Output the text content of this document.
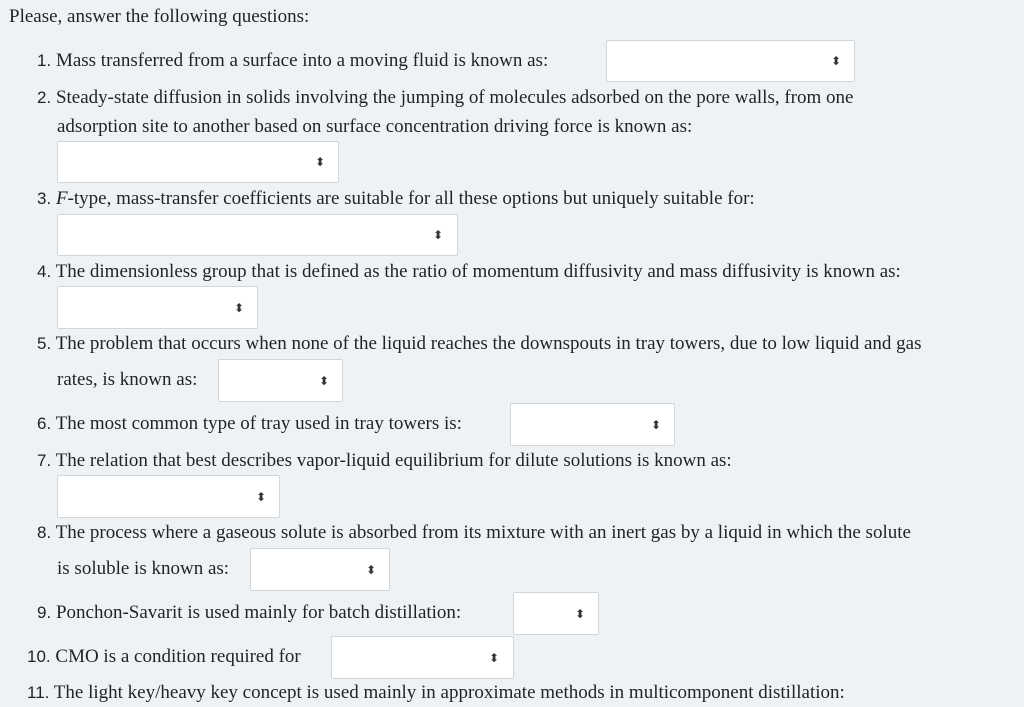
Please, answer the following questions:
1. Mass transferred from a surface into a moving fluid is known as:	⬍
2. Steady-state diffusion in solids involving the jumping of molecules adsorbed on the pore walls, from one
adsorption site to another based on surface concentration driving force is known as:
⬍
3. F-type, mass-transfer coefficients are suitable for all these options but uniquely suitable for:
⬍
4. The dimensionless group that is defined as the ratio of momentum diffusivity and mass diffusivity is known as:
⬍
5. The problem that occurs when none of the liquid reaches the downspouts in tray towers, due to low liquid and gas
rates, is known as:	⬍
6. The most common type of tray used in tray towers is:	⬍
7. The relation that best describes vapor-liquid equilibrium for dilute solutions is known as:
⬍
8. The process where a gaseous solute is absorbed from its mixture with an inert gas by a liquid in which the solute
is soluble is known as:	⬍
9. Ponchon-Savarit is used mainly for batch distillation:	⬍
10. CMO is a condition required for	⬍
11. The light key/heavy key concept is used mainly in approximate methods in multicomponent distillation:
